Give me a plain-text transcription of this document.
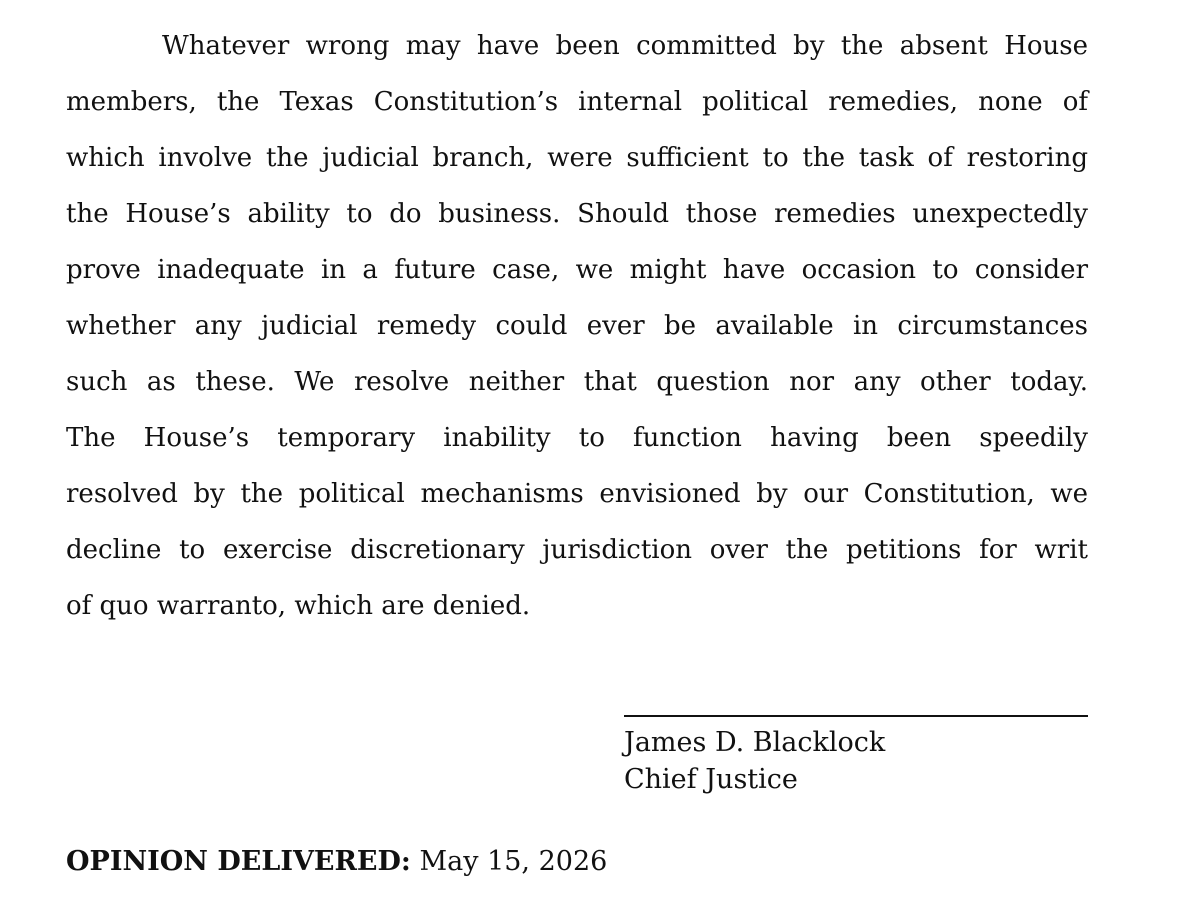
Whatever wrong may have been committed by the absent House
members, the Texas Constitution’s internal political remedies, none of
which involve the judicial branch, were sufficient to the task of restoring
the House’s ability to do business. Should those remedies unexpectedly
prove inadequate in a future case, we might have occasion to consider
whether any judicial remedy could ever be available in circumstances
such as these. We resolve neither that question nor any other today.
The House’s temporary inability to function having been speedily
resolved by the political mechanisms envisioned by our Constitution, we
decline to exercise discretionary jurisdiction over the petitions for writ
of quo warranto, which are denied.
James D. Blacklock
Chief Justice
OPINION DELIVERED: May 15, 2026
